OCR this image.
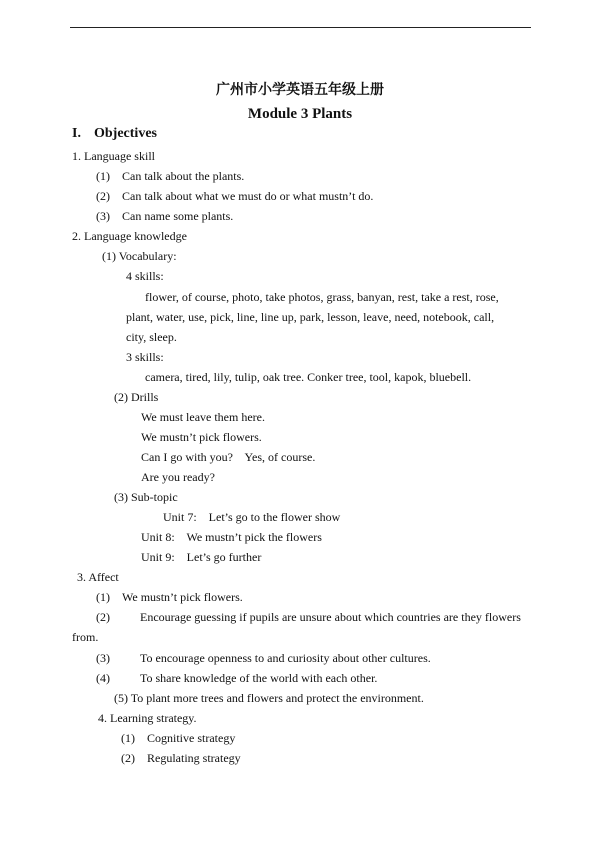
广州市小学英语五年级上册
Module 3 Plants
I. Objectives
1. Language skill
(1) Can talk about the plants.
(2) Can talk about what we must do or what mustn’t do.
(3) Can name some plants.
2. Language knowledge
(1) Vocabulary:
4 skills:
flower, of course, photo, take photos, grass, banyan, rest, take a rest, rose,
plant, water, use, pick, line, line up, park, lesson, leave, need, notebook, call,
city, sleep.
3 skills:
camera, tired, lily, tulip, oak tree. Conker tree, tool, kapok, bluebell.
(2) Drills
We must leave them here.
We mustn’t pick flowers.
Can I go with you?    Yes, of course.
Are you ready?
(3) Sub-topic
Unit 7:    Let’s go to the flower show
Unit 8:    We mustn’t pick the flowers
Unit 9:    Let’s go further
3. Affect
(1) We mustn’t pick flowers.
(2)	Encourage guessing if pupils are unsure about which countries are they flowers
from.
(3)	To encourage openness to and curiosity about other cultures.
(4)	To share knowledge of the world with each other.
(5) To plant more trees and flowers and protect the environment.
4. Learning strategy.
(1) Cognitive strategy
(2) Regulating strategy
